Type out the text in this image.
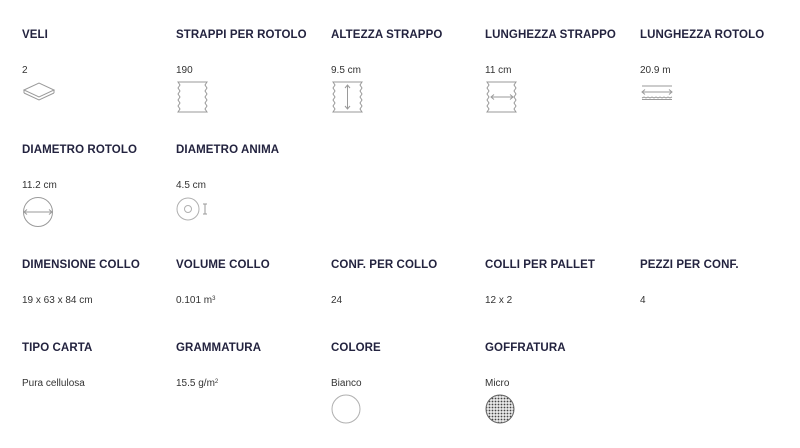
VELI
2
STRAPPI PER ROTOLO
190
ALTEZZA STRAPPO
9.5 cm
LUNGHEZZA STRAPPO
11 cm
LUNGHEZZA ROTOLO
20.9 m
DIAMETRO ROTOLO
11.2 cm
DIAMETRO ANIMA
4.5 cm
DIMENSIONE COLLO
19 x 63 x 84 cm
VOLUME COLLO
0.101 $m^3$
CONF. PER COLLO
24
COLLI PER PALLET
12 x 2
PEZZI PER CONF.
4
TIPO CARTA
Pura cellulosa
GRAMMATURA
15.5 $g/m^2$
COLORE
Bianco
GOFFRATURA
Micro
